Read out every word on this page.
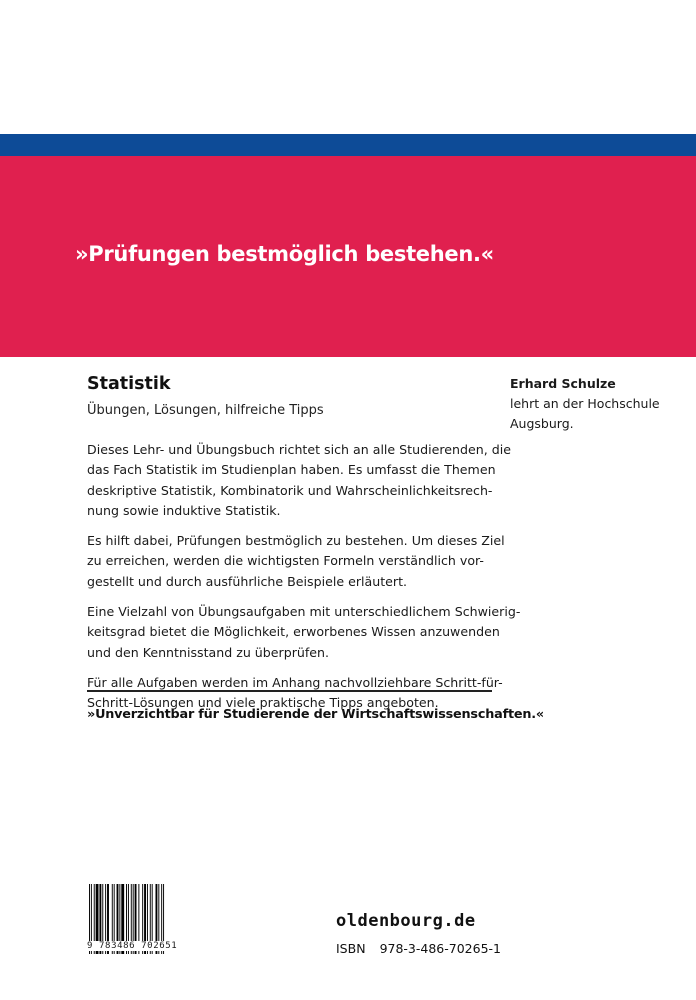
»Prüfungen bestmöglich bestehen.«
Statistik
Übungen, Lösungen, hilfreiche Tipps

Dieses Lehr- und Übungsbuch richtet sich an alle Studierenden, die
das Fach Statistik im Studienplan haben. Es umfasst die Themen
deskriptive Statistik, Kombinatorik und Wahrscheinlichkeitsrech-
nung sowie induktive Statistik.

Es hilft dabei, Prüfungen bestmöglich zu bestehen. Um dieses Ziel
zu erreichen, werden die wichtigsten Formeln verständlich vor-
gestellt und durch ausführliche Beispiele erläutert.

Eine Vielzahl von Übungsaufgaben mit unterschiedlichem Schwierig-
keitsgrad bietet die Möglichkeit, erworbenes Wissen anzuwenden
und den Kenntnisstand zu überprüfen.

Für alle Aufgaben werden im Anhang nachvollziehbare Schritt-für-
Schritt-Lösungen und viele praktische Tipps angeboten.

»Unverzichtbar für Studierende der Wirtschaftswissenschaften.«
Erhard Schulze
lehrt an der Hochschule
Augsburg.
9 783486 702651
oldenbourg.de
ISBN 978-3-486-70265-1
